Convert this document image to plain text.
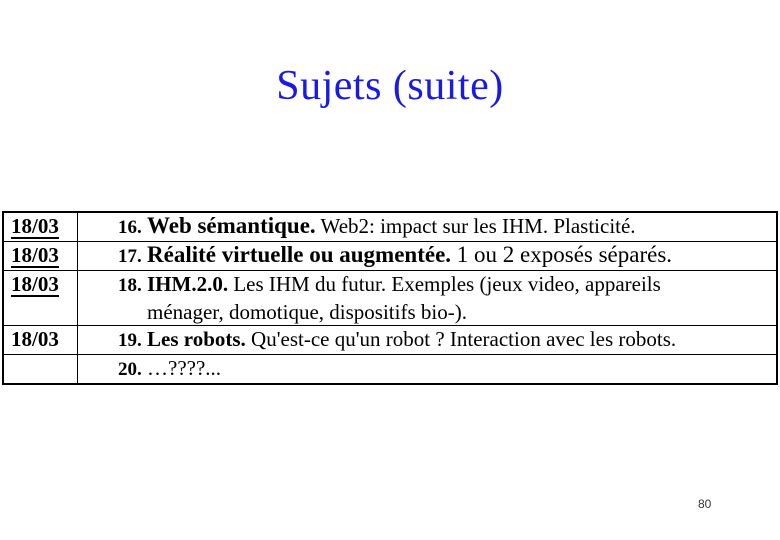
Sujets (suite)
18/03	16. Web sémantique. Web2: impact sur les IHM. Plasticité.
18/03	17. Réalité virtuelle ou augmentée. 1 ou 2 exposés séparés.
18/03	18. IHM.2.0. Les IHM du futur. Exemples (jeux video, appareils
ménager, domotique, dispositifs bio-).

18/03	19. Les robots. Qu'est-ce qu'un robot ? Interaction avec les robots.
	20. …????...
80
